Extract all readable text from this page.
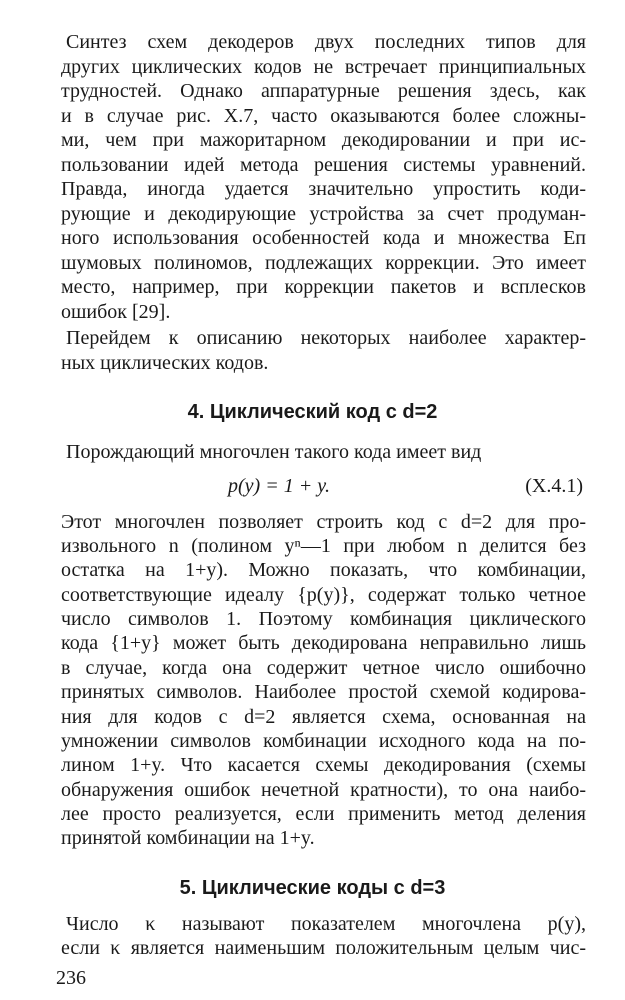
Синтез схем декодеров двух последних типов для
других циклических кодов не встречает принципиальных
трудностей. Однако аппаратурные решения здесь, как
и в случае рис. X.7, часто оказываются более сложны-
ми, чем при мажоритарном декодировании и при ис-
пользовании идей метода решения системы уравнений.
Правда, иногда удается значительно упростить коди-
рующие и декодирующие устройства за счет продуман-
ного использования особенностей кода и множества Eп
шумовых полиномов, подлежащих коррекции. Это имеет
место, например, при коррекции пакетов и всплесков
ошибок [29].
Перейдем к описанию некоторых наиболее характер-
ных циклических кодов.
4. Циклический код с d=2
Порождающий многочлен такого кода имеет вид
p(y) = 1 + y.	(X.4.1)
Этот многочлен позволяет строить код с d=2 для про-
извольного n (полином yⁿ—1 при любом n делится без
остатка на 1+y). Можно показать, что комбинации,
соответствующие идеалу {p(y)}, содержат только четное
число символов 1. Поэтому комбинация циклического
кода {1+y} может быть декодирована неправильно лишь
в случае, когда она содержит четное число ошибочно
принятых символов. Наиболее простой схемой кодирова-
ния для кодов с d=2 является схема, основанная на
умножении символов комбинации исходного кода на по-
лином 1+y. Что касается схемы декодирования (схемы
обнаружения ошибок нечетной кратности), то она наибо-
лее просто реализуется, если применить метод деления
принятой комбинации на 1+y.
5. Циклические коды с d=3
Число κ называют показателем многочлена p(y),
если κ является наименьшим положительным целым чис-
236
